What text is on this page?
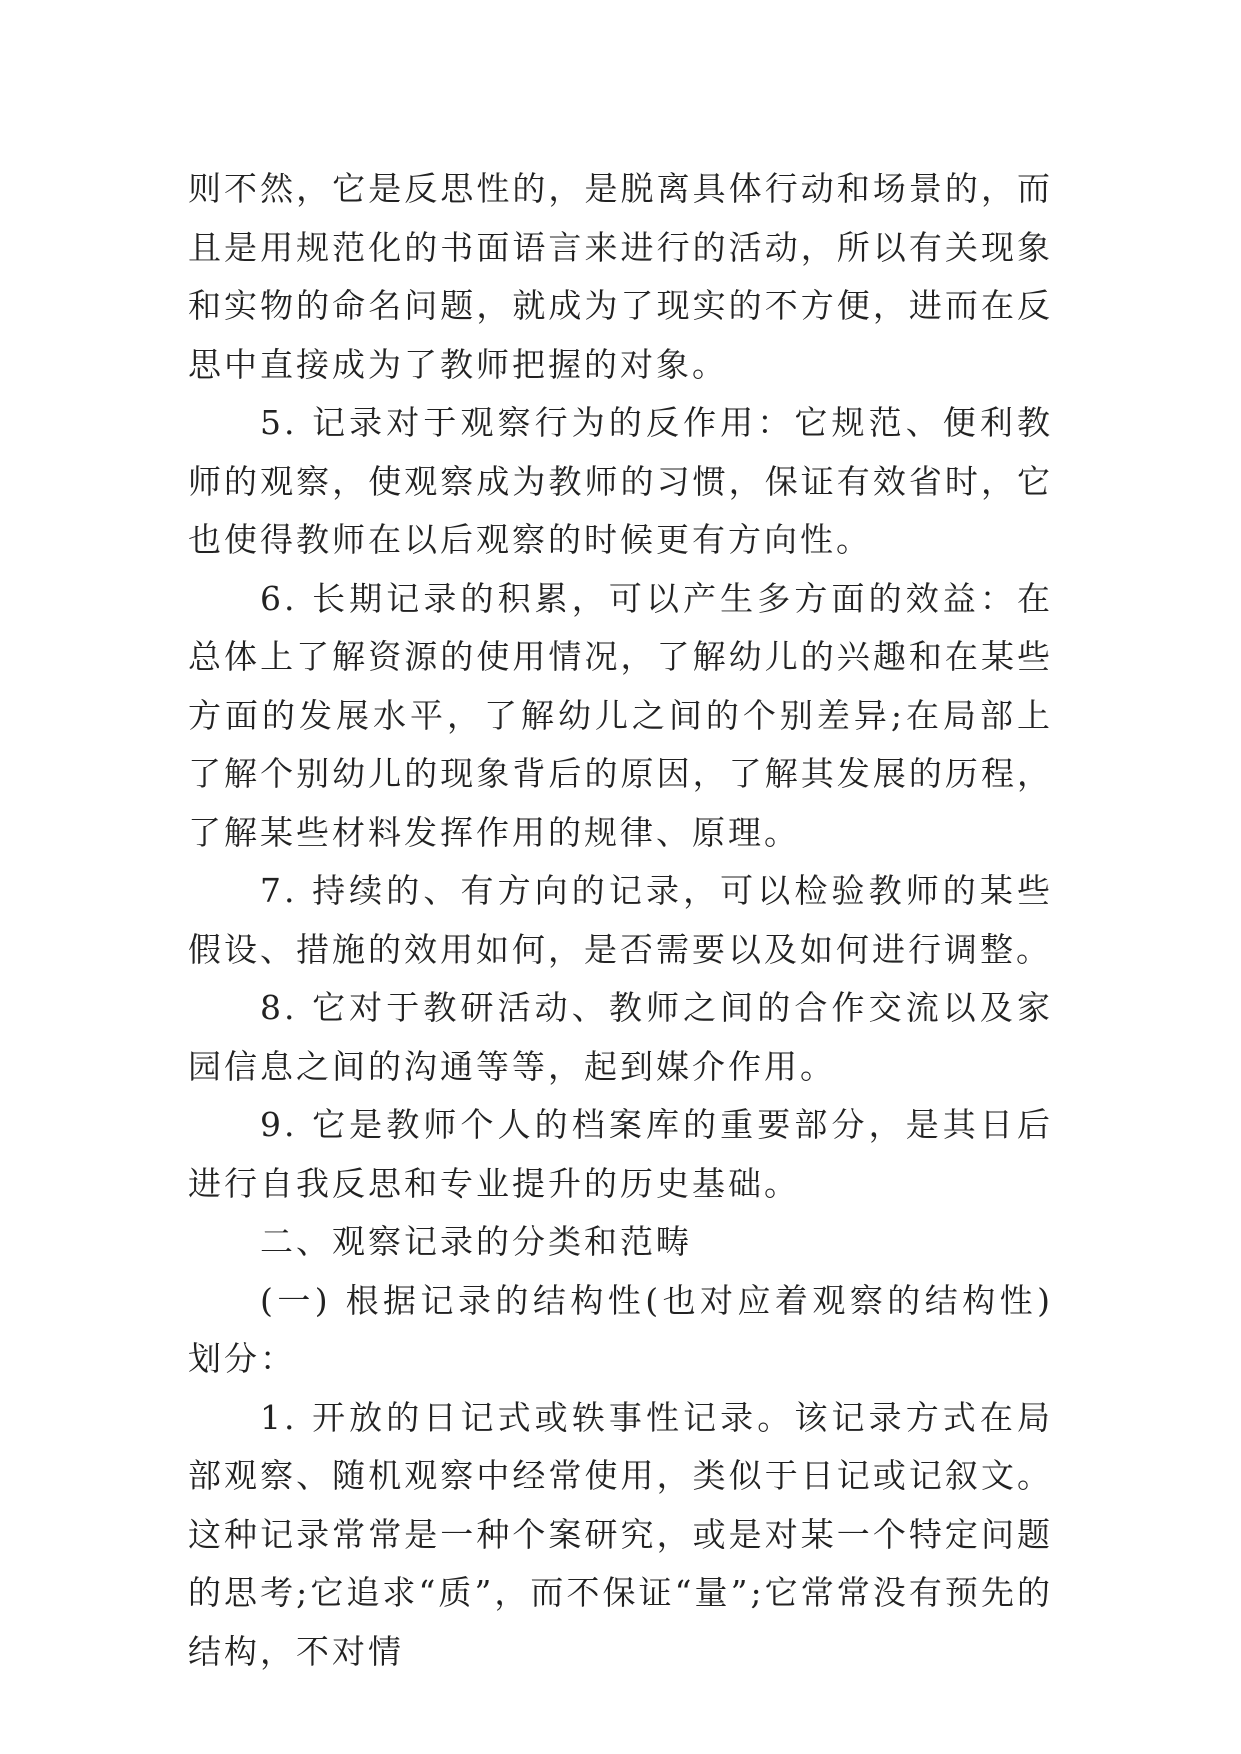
则不然，它是反思性的，是脱离具体行动和场景的，而且是用规范化的书面语言来进行的活动，所以有关现象和实物的命名问题，就成为了现实的不方便，进而在反思中直接成为了教师把握的对象。

5. 记录对于观察行为的反作用：它规范、便利教师的观察，使观察成为教师的习惯，保证有效省时，它也使得教师在以后观察的时候更有方向性。

6. 长期记录的积累，可以产生多方面的效益：在总体上了解资源的使用情况，了解幼儿的兴趣和在某些方面的发展水平，了解幼儿之间的个别差异;在局部上了解个别幼儿的现象背后的原因，了解其发展的历程，了解某些材料发挥作用的规律、原理。

7. 持续的、有方向的记录，可以检验教师的某些假设、措施的效用如何，是否需要以及如何进行调整。

8. 它对于教研活动、教师之间的合作交流以及家园信息之间的沟通等等，起到媒介作用。

9. 它是教师个人的档案库的重要部分，是其日后进行自我反思和专业提升的历史基础。

二、观察记录的分类和范畴

(一) 根据记录的结构性(也对应着观察的结构性)划分：

1. 开放的日记式或轶事性记录。该记录方式在局部观察、随机观察中经常使用，类似于日记或记叙文。这种记录常常是一种个案研究，或是对某一个特定问题的思考;它追求“质”，而不保证“量”;它常常没有预先的结构，不对情
